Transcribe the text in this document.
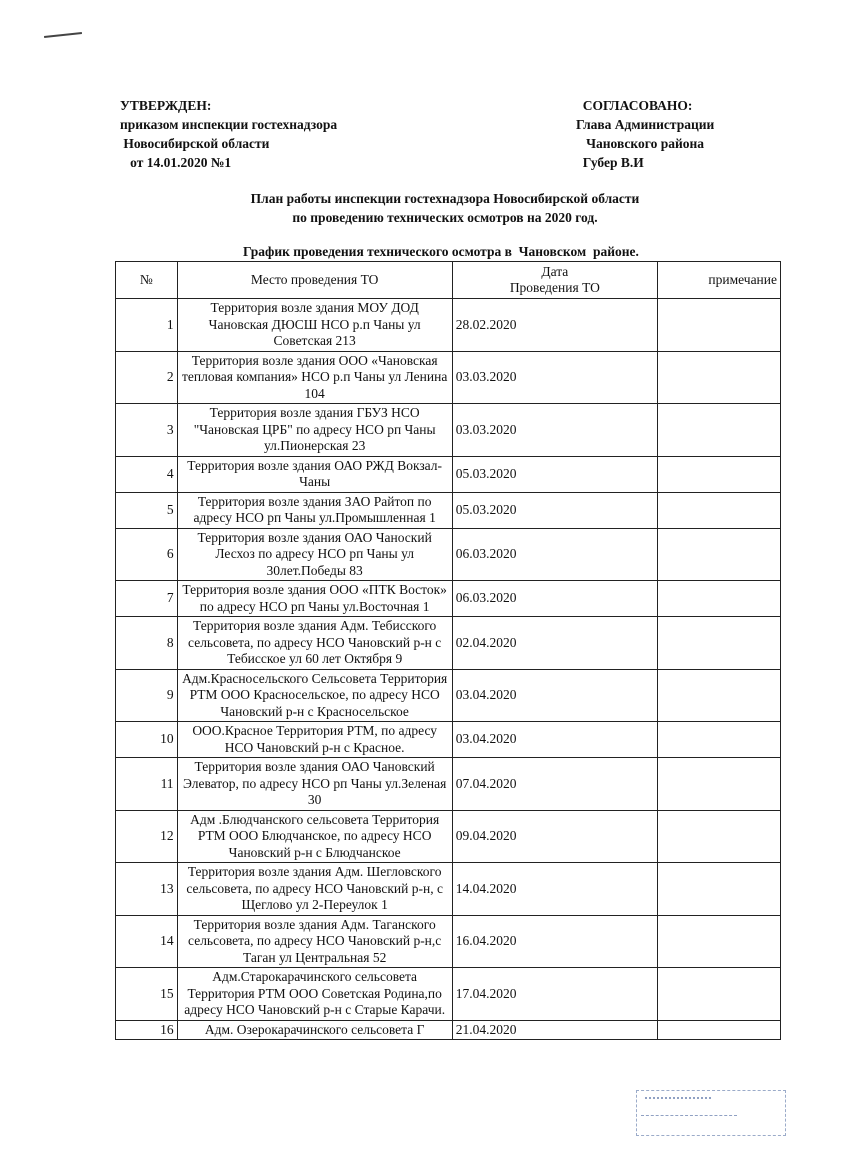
УТВЕРЖДЕН:
приказом инспекции гостехнадзора
Новосибирской области
от 14.01.2020 №1
СОГЛАСОВАНО:
Глава Администрации
Чановского района
Губер В.И
План работы инспекции гостехнадзора Новосибирской области
по проведению технических осмотров на 2020 год.
График проведения технического осмотра в  Чановском  районе.
№	Место проведения ТО	Дата
Проведения ТО	примечание
1	Территория возле здания МОУ ДОД Чановская ДЮСШ НСО р.п Чаны ул Советская 213	28.02.2020	
2	Территория возле здания ООО «Чановская тепловая компания» НСО р.п Чаны ул Ленина 104	03.03.2020	
3	Территория возле здания ГБУЗ НСО "Чановская ЦРБ" по адресу НСО рп Чаны ул.Пионерская 23	03.03.2020	
4	Территория возле здания ОАО РЖД Вокзал-Чаны	05.03.2020	
5	Территория возле здания ЗАО Райтоп по адресу НСО рп Чаны ул.Промышленная 1	05.03.2020	
6	Территория возле здания ОАО Чаноский Лесхоз по адресу НСО рп Чаны ул 30лет.Победы 83	06.03.2020	
7	Территория возле здания ООО «ПТК Восток» по адресу НСО рп Чаны ул.Восточная 1	06.03.2020	
8	Территория возле здания Адм. Тебисского сельсовета, по адресу НСО Чановский р-н с Тебисское ул 60 лет Октября 9	02.04.2020	
9	Адм.Красносельского Сельсовета Территория РТМ ООО Красносельское, по адресу НСО Чановский р-н с Красносельское	03.04.2020	
10	ООО.Красное Территория РТМ, по адресу НСО Чановский р-н с Красное.	03.04.2020	
11	Территория возле здания ОАО Чановский Элеватор, по адресу НСО рп Чаны ул.Зеленая 30	07.04.2020	
12	Адм .Блюдчанского сельсовета Территория РТМ ООО Блюдчанское, по адресу НСО Чановский р-н с Блюдчанское	09.04.2020	
13	Территория возле здания Адм. Шегловского сельсовета, по адресу НСО Чановский р-н, с Щеглово ул 2-Переулок 1	14.04.2020	
14	Территория возле здания Адм. Таганского сельсовета, по адресу НСО Чановский р-н,с Таган ул Центральная 52	16.04.2020	
15	Адм.Старокарачинского сельсовета Территория РТМ ООО Советская Родина,по адресу НСО Чановский р-н с Старые Карачи.	17.04.2020	
16	Адм. Озерокарачинского сельсовета Г	21.04.2020	
